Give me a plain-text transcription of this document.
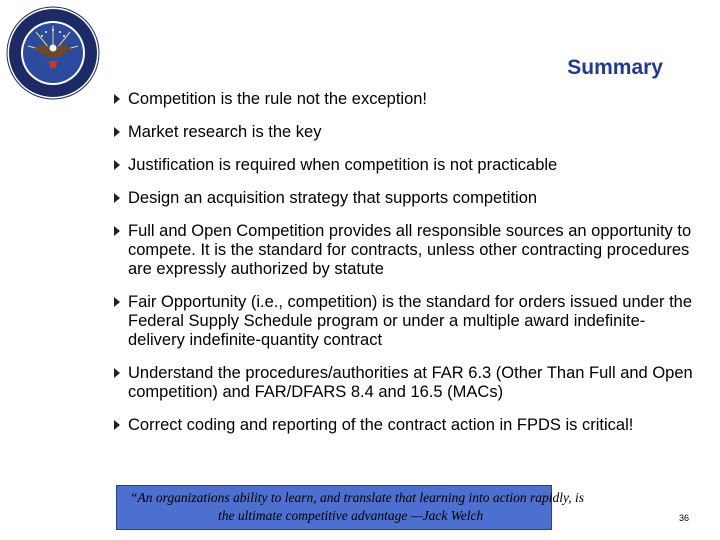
Summary
Competition is the rule not the exception!
Market research is the key
Justification is required when competition is not practicable
Design an acquisition strategy that supports competition
Full and Open Competition provides all responsible sources an opportunity to compete. It is the standard for contracts, unless other contracting procedures are expressly authorized by statute
Fair Opportunity (i.e., competition) is the standard for orders issued under the Federal Supply Schedule program or under a multiple award indefinite-delivery indefinite-quantity contract
Understand the procedures/authorities at FAR 6.3 (Other Than Full and Open competition) and FAR/DFARS 8.4 and 16.5 (MACs)
Correct coding and reporting of the contract action in FPDS is critical!
“An organizations ability to learn, and translate that learning into action rapidly, is
the ultimate competitive advantage —Jack Welch	36
